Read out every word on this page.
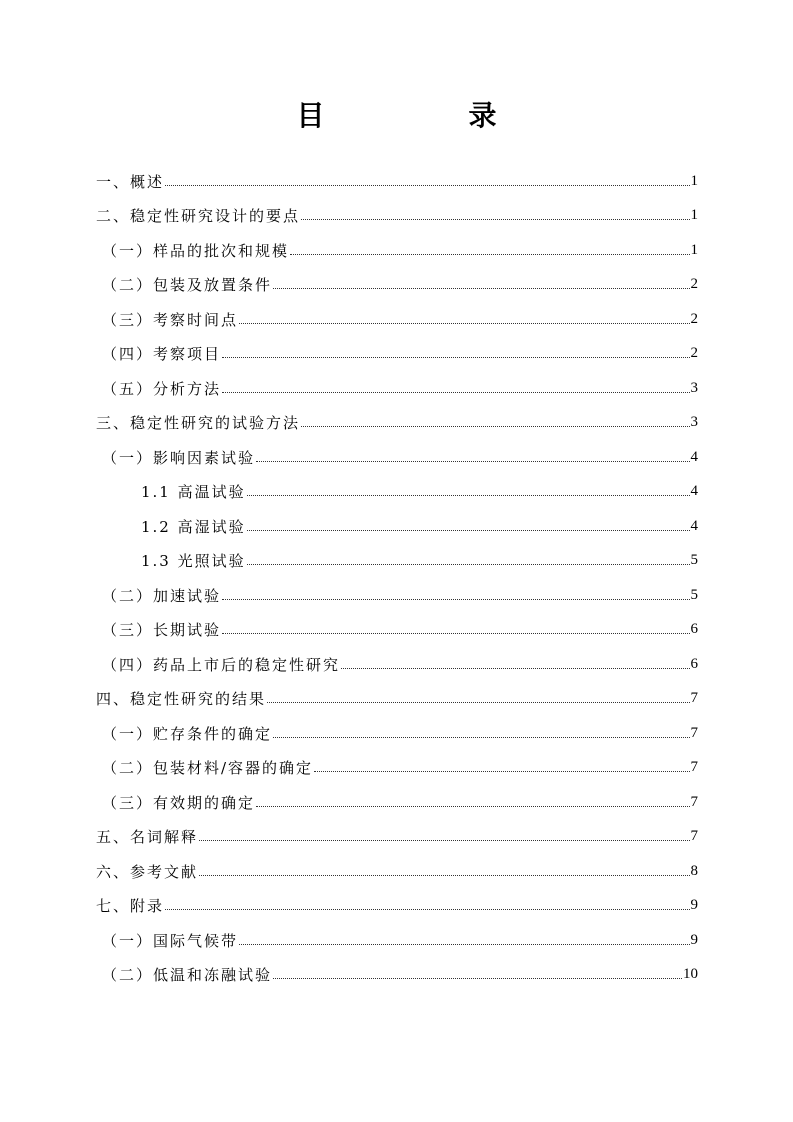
目　录
一、概述	1
二、稳定性研究设计的要点	1
（一）样品的批次和规模	1
（二）包装及放置条件	2
（三）考察时间点	2
（四）考察项目	2
（五）分析方法	3
三、稳定性研究的试验方法	3
（一）影响因素试验	4
1.1 高温试验	4
1.2 高湿试验	4
1.3 光照试验	5
（二）加速试验	5
（三）长期试验	6
（四）药品上市后的稳定性研究	6
四、稳定性研究的结果	7
（一）贮存条件的确定	7
（二）包装材料/容器的确定	7
（三）有效期的确定	7
五、名词解释	7
六、参考文献	8
七、附录	9
（一）国际气候带	9
（二）低温和冻融试验	10
